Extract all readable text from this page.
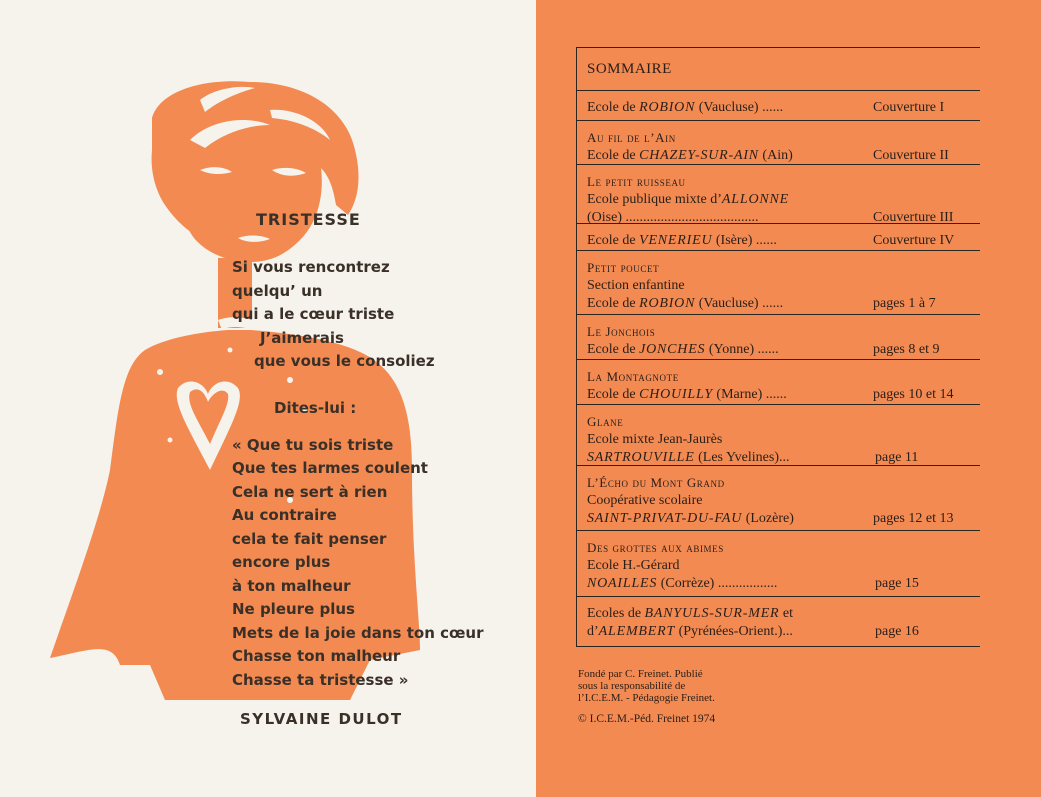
TRISTESSE
Si vous rencontrez
quelqu’ un
qui a le cœur triste
J’aimerais
que vous le consoliez
Dites-lui :
« Que tu sois triste
Que tes larmes coulent
Cela ne sert à rien
Au contraire
cela te fait penser
encore plus
à ton malheur
Ne pleure plus
Mets de la joie dans ton cœur
Chasse ton malheur
Chasse ta tristesse »
SYLVAINE DULOT
SOMMAIRE
Ecole de ROBION (Vaucluse) ......	Couverture I
Au fil de l’Ain
Ecole de CHAZEY-SUR-AIN (Ain)	Couverture II
Le petit ruisseau
Ecole publique mixte d’ALLONNE
(Oise) ......................................	Couverture III
Ecole de VENERIEU (Isère) ......	Couverture IV
Petit poucet
Section enfantine
Ecole de ROBION (Vaucluse) ......	pages 1 à 7
Le Jonchois
Ecole de JONCHES (Yonne) ......	pages 8 et 9
La Montagnote
Ecole de CHOUILLY (Marne) ......	pages 10 et 14
Glane
Ecole mixte Jean-Jaurès
SARTROUVILLE (Les Yvelines)...	page 11
L’Écho du Mont Grand
Coopérative scolaire
SAINT-PRIVAT-DU-FAU (Lozère)	pages 12 et 13
Des grottes aux abimes
Ecole H.-Gérard
NOAILLES (Corrèze) .................	page 15
Ecoles de BANYULS-SUR-MER et
d’ALEMBERT (Pyrénées-Orient.)...	page 16
Fondé par C. Freinet. Publié
sous la responsabilité de
l’I.C.E.M. - Pédagogie Freinet.
© I.C.E.M.-Péd. Freinet 1974
